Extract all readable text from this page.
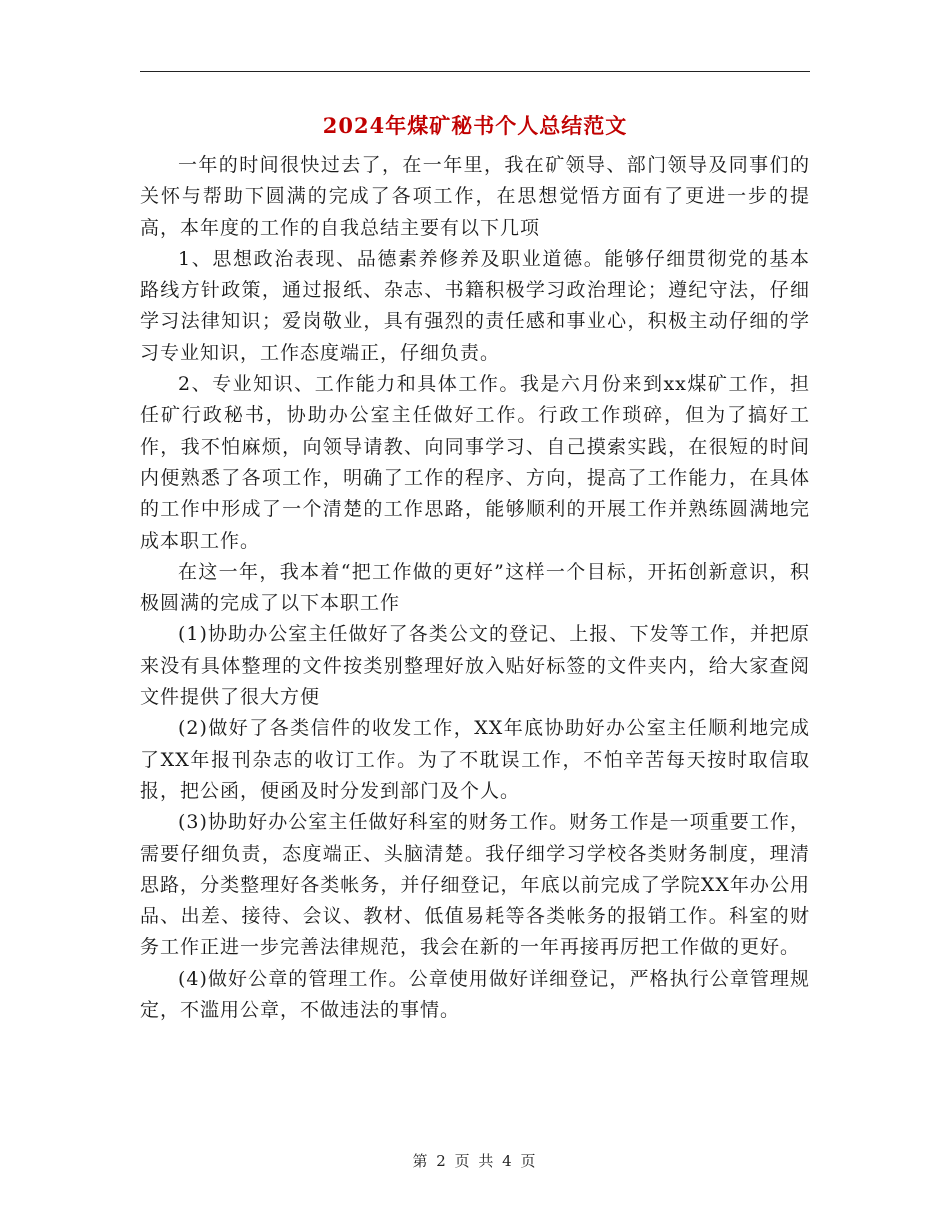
2024年煤矿秘书个人总结范文

一年的时间很快过去了，在一年里，我在矿领导、部门领导及同事们的关怀与帮助下圆满的完成了各项工作，在思想觉悟方面有了更进一步的提高，本年度的工作的自我总结主要有以下几项

1、思想政治表现、品德素养修养及职业道德。能够仔细贯彻党的基本路线方针政策，通过报纸、杂志、书籍积极学习政治理论；遵纪守法，仔细学习法律知识；爱岗敬业，具有强烈的责任感和事业心，积极主动仔细的学习专业知识，工作态度端正，仔细负责。

2、专业知识、工作能力和具体工作。我是六月份来到xx煤矿工作，担任矿行政秘书，协助办公室主任做好工作。行政工作琐碎，但为了搞好工作，我不怕麻烦，向领导请教、向同事学习、自己摸索实践，在很短的时间内便熟悉了各项工作，明确了工作的程序、方向，提高了工作能力，在具体的工作中形成了一个清楚的工作思路，能够顺利的开展工作并熟练圆满地完成本职工作。

在这一年，我本着“把工作做的更好”这样一个目标，开拓创新意识，积极圆满的完成了以下本职工作

(1)协助办公室主任做好了各类公文的登记、上报、下发等工作，并把原来没有具体整理的文件按类别整理好放入贴好标签的文件夹内，给大家查阅文件提供了很大方便

(2)做好了各类信件的收发工作，XX年底协助好办公室主任顺利地完成了XX年报刊杂志的收订工作。为了不耽误工作，不怕辛苦每天按时取信取报，把公函，便函及时分发到部门及个人。

(3)协助好办公室主任做好科室的财务工作。财务工作是一项重要工作，需要仔细负责，态度端正、头脑清楚。我仔细学习学校各类财务制度，理清思路，分类整理好各类帐务，并仔细登记，年底以前完成了学院XX年办公用品、出差、接待、会议、教材、低值易耗等各类帐务的报销工作。科室的财务工作正进一步完善法律规范，我会在新的一年再接再厉把工作做的更好。

(4)做好公章的管理工作。公章使用做好详细登记，严格执行公章管理规定，不滥用公章，不做违法的事情。

第 2 页 共 4 页
